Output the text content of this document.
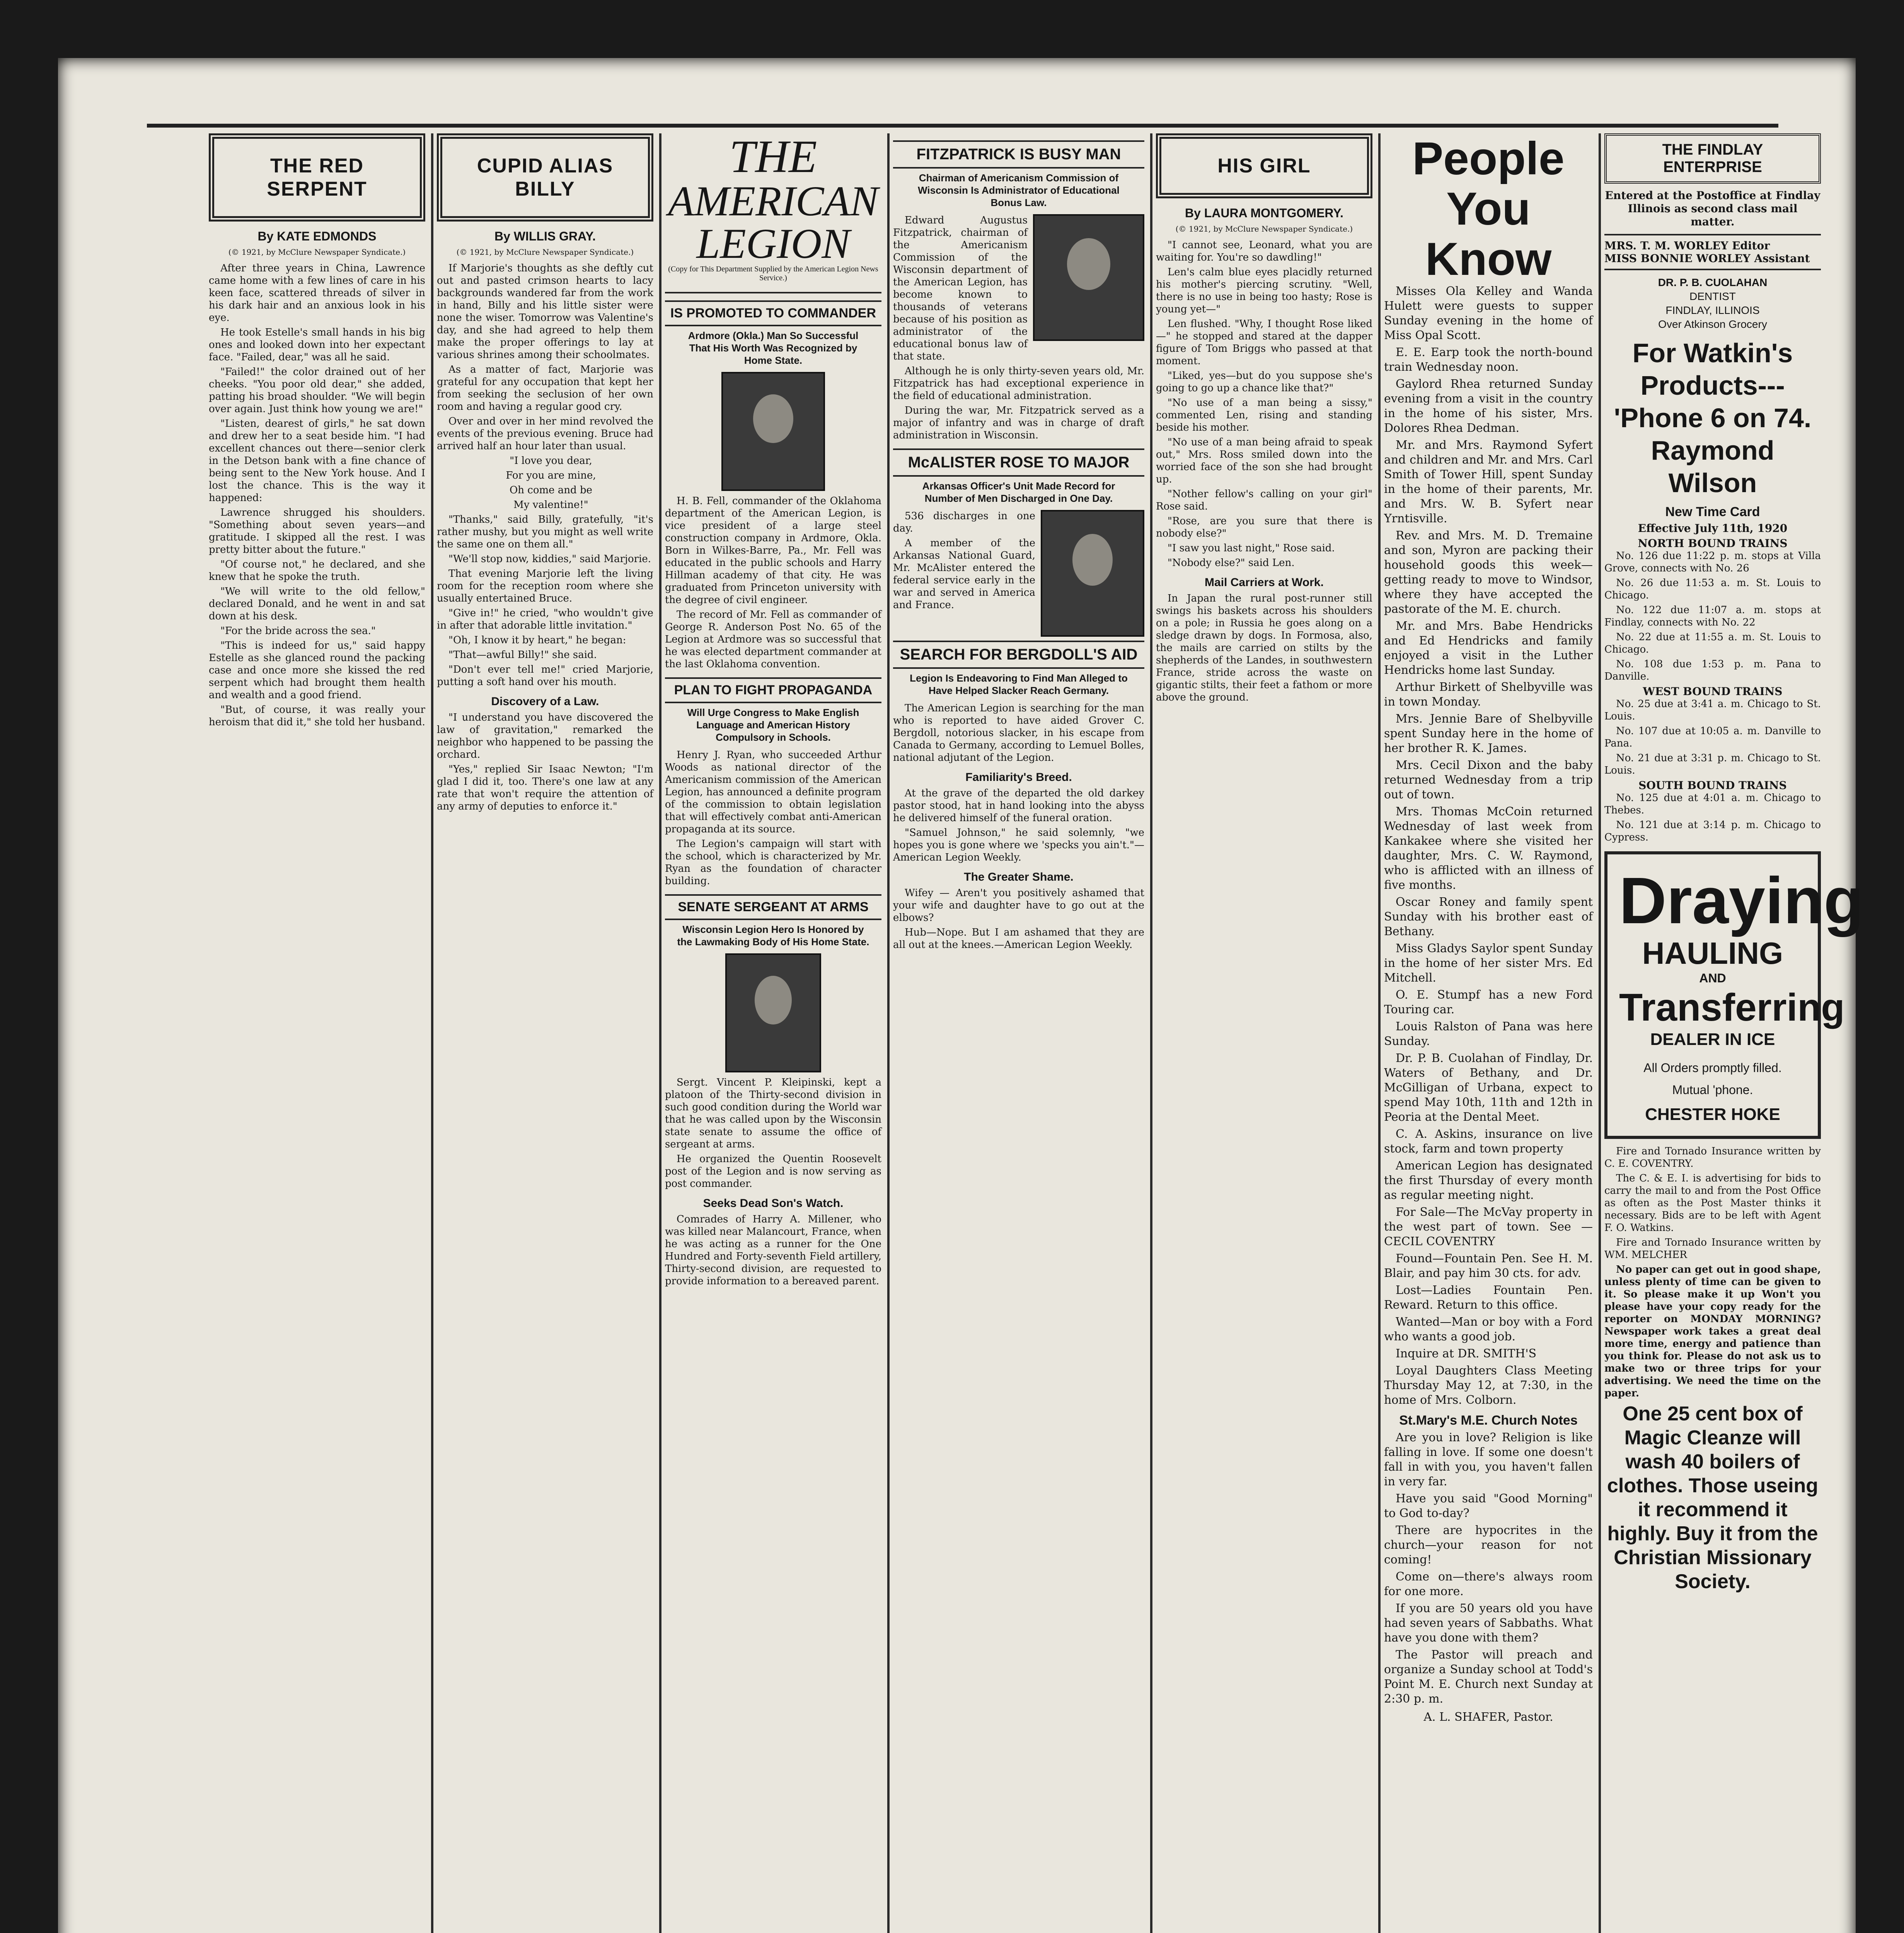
THE RED SERPENT
By KATE EDMONDS
(© 1921, by McClure Newspaper Syndicate.)

After three years in China, Lawrence came home with a few lines of care in his keen face, scattered threads of silver in his dark hair and an anxious look in his eye.

He took Estelle's small hands in his big ones and looked down into her expectant face. "Failed, dear," was all he said.

"Failed!" the color drained out of her cheeks. "You poor old dear," she added, patting his broad shoulder. "We will begin over again. Just think how young we are!"

"Listen, dearest of girls," he sat down and drew her to a seat beside him. "I had excellent chances out there—senior clerk in the Detson bank with a fine chance of being sent to the New York house. And I lost the chance. This is the way it happened:

Lawrence shrugged his shoulders. "Something about seven years—and gratitude. I skipped all the rest. I was pretty bitter about the future."

"Of course not," he declared, and she knew that he spoke the truth.

"We will write to the old fellow," declared Donald, and he went in and sat down at his desk.

"For the bride across the sea."

"This is indeed for us," said happy Estelle as she glanced round the packing case and once more she kissed the red serpent which had brought them health and wealth and a good friend.

"But, of course, it was really your heroism that did it," she told her husband.

CUPID ALIAS BILLY
By WILLIS GRAY.
(© 1921, by McClure Newspaper Syndicate.)

If Marjorie's thoughts as she deftly cut out and pasted crimson hearts to lacy backgrounds wandered far from the work in hand, Billy and his little sister were none the wiser. Tomorrow was Valentine's day, and she had agreed to help them make the proper offerings to lay at various shrines among their schoolmates.

As a matter of fact, Marjorie was grateful for any occupation that kept her from seeking the seclusion of her own room and having a regular good cry.

Over and over in her mind revolved the events of the previous evening. Bruce had arrived half an hour later than usual.

"I love you dear,

For you are mine,

Oh come and be

My valentine!"

"Thanks," said Billy, gratefully, "it's rather mushy, but you might as well write the same one on them all."

"We'll stop now, kiddies," said Marjorie.

That evening Marjorie left the living room for the reception room where she usually entertained Bruce.

"Give in!" he cried, "who wouldn't give in after that adorable little invitation."

"Oh, I know it by heart," he began:

"That—awful Billy!" she said.

"Don't ever tell me!" cried Marjorie, putting a soft hand over his mouth.

Discovery of a Law.

"I understand you have discovered the law of gravitation," remarked the neighbor who happened to be passing the orchard.

"Yes," replied Sir Isaac Newton; "I'm glad I did it, too. There's one law at any rate that won't require the attention of any army of deputies to enforce it."

THE
AMERICAN
LEGION
(Copy for This Department Supplied by the American Legion News Service.)
IS PROMOTED TO COMMANDER
Ardmore (Okla.) Man So Successful That His Worth Was Recognized by Home State.

H. B. Fell, commander of the Oklahoma department of the American Legion, is vice president of a large steel construction company in Ardmore, Okla. Born in Wilkes-Barre, Pa., Mr. Fell was educated in the public schools and Harry Hillman academy of that city. He was graduated from Princeton university with the degree of civil engineer.

The record of Mr. Fell as commander of George R. Anderson Post No. 65 of the Legion at Ardmore was so successful that he was elected department commander at the last Oklahoma convention.

PLAN TO FIGHT PROPAGANDA
Will Urge Congress to Make English Language and American History Compulsory in Schools.

Henry J. Ryan, who succeeded Arthur Woods as national director of the Americanism commission of the American Legion, has announced a definite program of the commission to obtain legislation that will effectively combat anti-American propaganda at its source.

The Legion's campaign will start with the school, which is characterized by Mr. Ryan as the foundation of character building.

SENATE SERGEANT AT ARMS
Wisconsin Legion Hero Is Honored by the Lawmaking Body of His Home State.

Sergt. Vincent P. Kleipinski, kept a platoon of the Thirty-second division in such good condition during the World war that he was called upon by the Wisconsin state senate to assume the office of sergeant at arms.

He organized the Quentin Roosevelt post of the Legion and is now serving as post commander.

Seeks Dead Son's Watch.

Comrades of Harry A. Millener, who was killed near Malancourt, France, when he was acting as a runner for the One Hundred and Forty-seventh Field artillery, Thirty-second division, are requested to provide information to a bereaved parent.

FITZPATRICK IS BUSY MAN
Chairman of Americanism Commission of Wisconsin Is Administrator of Educational Bonus Law.

Edward Augustus Fitzpatrick, chairman of the Americanism Commission of the Wisconsin department of the American Legion, has become known to thousands of veterans because of his position as administrator of the educational bonus law of that state.

Although he is only thirty-seven years old, Mr. Fitzpatrick has had exceptional experience in the field of educational administration.

During the war, Mr. Fitzpatrick served as a major of infantry and was in charge of draft administration in Wisconsin.

McALISTER ROSE TO MAJOR
Arkansas Officer's Unit Made Record for Number of Men Discharged in One Day.

536 discharges in one day.

A member of the Arkansas National Guard, Mr. McAlister entered the federal service early in the war and served in America and France.

SEARCH FOR BERGDOLL'S AID
Legion Is Endeavoring to Find Man Alleged to Have Helped Slacker Reach Germany.

The American Legion is searching for the man who is reported to have aided Grover C. Bergdoll, notorious slacker, in his escape from Canada to Germany, according to Lemuel Bolles, national adjutant of the Legion.

Familiarity's Breed.

At the grave of the departed the old darkey pastor stood, hat in hand looking into the abyss he delivered himself of the funeral oration.

"Samuel Johnson," he said solemnly, "we hopes you is gone where we 'specks you ain't."—American Legion Weekly.

The Greater Shame.

Wifey — Aren't you positively ashamed that your wife and daughter have to go out at the elbows?

Hub—Nope. But I am ashamed that they are all out at the knees.—American Legion Weekly.

HIS GIRL
By LAURA MONTGOMERY.
(© 1921, by McClure Newspaper Syndicate.)

"I cannot see, Leonard, what you are waiting for. You're so dawdling!"

Len's calm blue eyes placidly returned his mother's piercing scrutiny. "Well, there is no use in being too hasty; Rose is young yet—"

Len flushed. "Why, I thought Rose liked—" he stopped and stared at the dapper figure of Tom Briggs who passed at that moment.

"Liked, yes—but do you suppose she's going to go up a chance like that?"

"No use of a man being a sissy," commented Len, rising and standing beside his mother.

"No use of a man being afraid to speak out," Mrs. Ross smiled down into the worried face of the son she had brought up.

"Nother fellow's calling on your girl" Rose said.

"Rose, are you sure that there is nobody else?"

"I saw you last night," Rose said.

"Nobody else?" said Len.

Mail Carriers at Work.

In Japan the rural post-runner still swings his baskets across his shoulders on a pole; in Russia he goes along on a sledge drawn by dogs. In Formosa, also, the mails are carried on stilts by the shepherds of the Landes, in southwestern France, stride across the waste on gigantic stilts, their feet a fathom or more above the ground.

People You Know

Misses Ola Kelley and Wanda Hulett were guests to supper Sunday evening in the home of Miss Opal Scott.

E. E. Earp took the north-bound train Wednesday noon.

Gaylord Rhea returned Sunday evening from a visit in the country in the home of his sister, Mrs. Dolores Rhea Dedman.

Mr. and Mrs. Raymond Syfert and children and Mr. and Mrs. Carl Smith of Tower Hill, spent Sunday in the home of their parents, Mr. and Mrs. W. B. Syfert near Yrntisville.

Rev. and Mrs. M. D. Tremaine and son, Myron are packing their household goods this week—getting ready to move to Windsor, where they have accepted the pastorate of the M. E. church.

Mr. and Mrs. Babe Hendricks and Ed Hendricks and family enjoyed a visit in the Luther Hendricks home last Sunday.

Arthur Birkett of Shelbyville was in town Monday.

Mrs. Jennie Bare of Shelbyville spent Sunday here in the home of her brother R. K. James.

Mrs. Cecil Dixon and the baby returned Wednesday from a trip out of town.

Mrs. Thomas McCoin returned Wednesday of last week from Kankakee where she visited her daughter, Mrs. C. W. Raymond, who is afflicted with an illness of five months.

Oscar Roney and family spent Sunday with his brother east of Bethany.

Miss Gladys Saylor spent Sunday in the home of her sister Mrs. Ed Mitchell.

O. E. Stumpf has a new Ford Touring car.

Louis Ralston of Pana was here Sunday.

Dr. P. B. Cuolahan of Findlay, Dr. Waters of Bethany, and Dr. McGilligan of Urbana, expect to spend May 10th, 11th and 12th in Peoria at the Dental Meet.

C. A. Askins, insurance on live stock, farm and town property

American Legion has designated the first Thursday of every month as regular meeting night.

For Sale—The McVay property in the west part of town. See —CECIL COVENTRY

Found—Fountain Pen. See H. M. Blair, and pay him 30 cts. for adv.

Lost—Ladies Fountain Pen. Reward. Return to this office.

Wanted—Man or boy with a Ford who wants a good job.

Inquire at DR. SMITH'S

Loyal Daughters Class Meeting Thursday May 12, at 7:30, in the home of Mrs. Colborn.

St.Mary's M.E. Church Notes

Are you in love? Religion is like falling in love. If some one doesn't fall in with you, you haven't fallen in very far.

Have you said "Good Morning" to God to-day?

There are hypocrites in the church—your reason for not coming!

Come on—there's always room for one more.

If you are 50 years old you have had seven years of Sabbaths. What have you done with them?

The Pastor will preach and organize a Sunday school at Todd's Point M. E. Church next Sunday at 2:30 p. m.

A. L. SHAFER, Pastor.
THE FINDLAY ENTERPRISE
Entered at the Postoffice at Findlay Illinois as second class mail matter.
MRS. T. M. WORLEY Editor
MISS BONNIE WORLEY Assistant
DR. P. B. CUOLAHAN
DENTIST
FINDLAY, ILLINOIS
Over Atkinson Grocery
For Watkin's Products--- 'Phone 6 on 74. Raymond Wilson
New Time Card
Effective July 11th, 1920
NORTH BOUND TRAINS

No. 126 due 11:22 p. m. stops at Villa Grove, connects with No. 26

No. 26 due 11:53 a. m. St. Louis to Chicago.

No. 122 due 11:07 a. m. stops at Findlay, connects with No. 22

No. 22 due at 11:55 a. m. St. Louis to Chicago.

No. 108 due 1:53 p. m. Pana to Danville.

WEST BOUND TRAINS

No. 25 due at 3:41 a. m. Chicago to St. Louis.

No. 107 due at 10:05 a. m. Danville to Pana.

No. 21 due at 3:31 p. m. Chicago to St. Louis.

SOUTH BOUND TRAINS

No. 125 due at 4:01 a. m. Chicago to Thebes.

No. 121 due at 3:14 p. m. Chicago to Cypress.

Draying
HAULING
AND
Transferring
DEALER IN ICE
All Orders promptly filled.
Mutual 'phone.
CHESTER HOKE

Fire and Tornado Insurance written by C. E. COVENTRY.

The C. & E. I. is advertising for bids to carry the mail to and from the Post Office as often as the Post Master thinks it necessary. Bids are to be left with Agent F. O. Watkins.

Fire and Tornado Insurance written by WM. MELCHER

No paper can get out in good shape, unless plenty of time can be given to it. So please make it up Won't you please have your copy ready for the reporter on MONDAY MORNING? Newspaper work takes a great deal more time, energy and patience than you think for. Please do not ask us to make two or three trips for your advertising. We need the time on the paper.

One 25 cent box of Magic Cleanze will wash 40 boilers of clothes. Those useing it recommend it highly. Buy it from the Christian Missionary Society.
